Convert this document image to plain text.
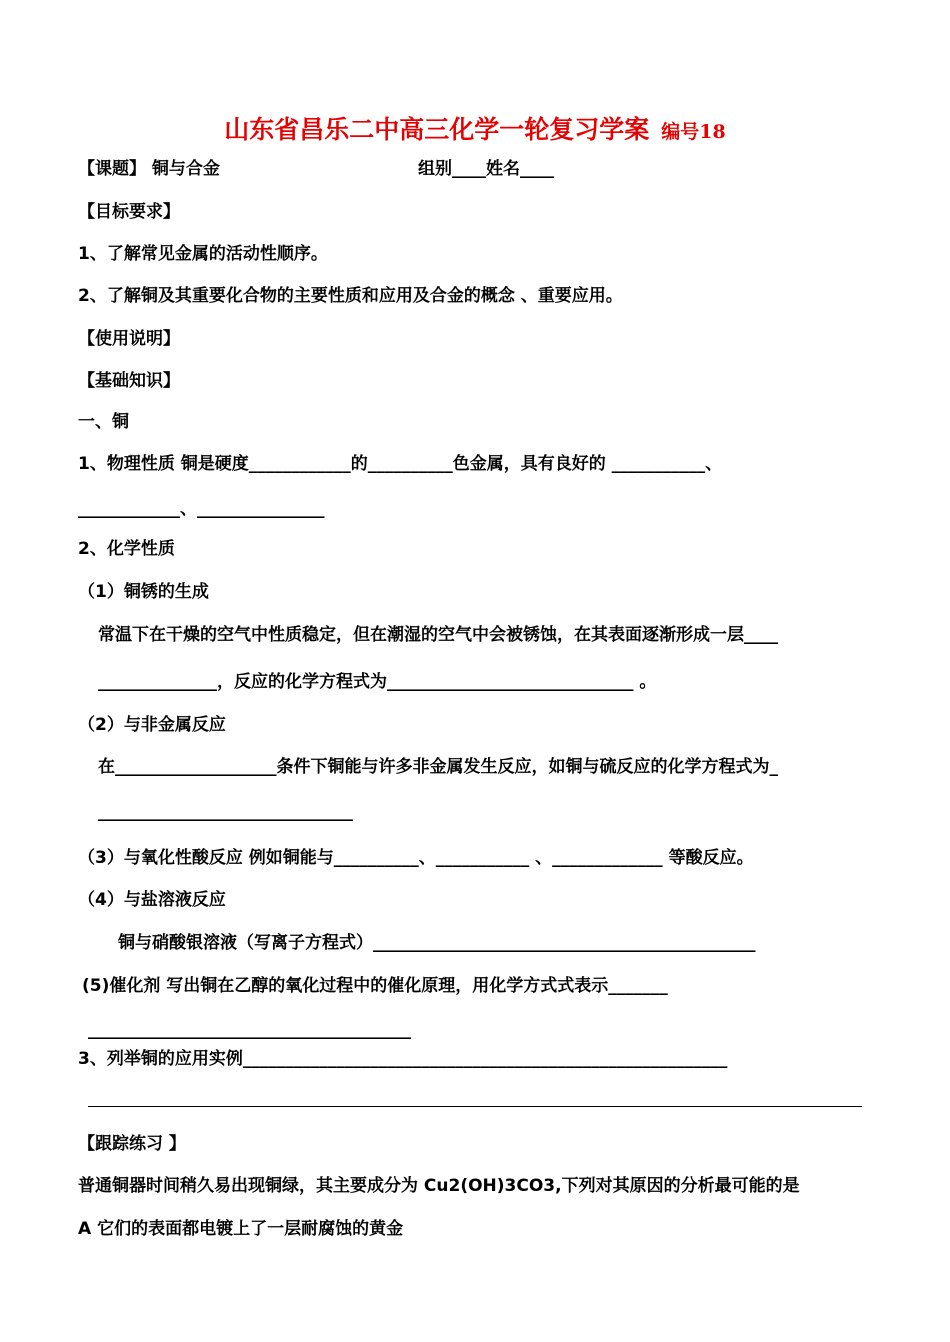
山东省昌乐二中高三化学一轮复习学案 编号18
【课题】 铜与合金	组别____姓名____
【目标要求】
1、了解常见金属的活动性顺序。
2、了解铜及其重要化合物的主要性质和应用及合金的概念 、重要应用。
【使用说明】
【基础知识】
一、铜
1、物理性质 铜是硬度____________的__________色金属，具有良好的 ___________、
____________、_______________
2、化学性质
（1）铜锈的生成
常温下在干燥的空气中性质稳定，但在潮湿的空气中会被锈蚀，在其表面逐渐形成一层____
______________，反应的化学方程式为_____________________________ 。
（2）与非金属反应
在___________________条件下铜能与许多非金属发生反应，如铜与硫反应的化学方程式为_
______________________________
（3）与氧化性酸反应 例如铜能与__________、___________ 、_____________ 等酸反应。
（4）与盐溶液反应
铜与硝酸银溶液（写离子方程式）_____________________________________________
(5)催化剂 写出铜在乙醇的氧化过程中的催化原理，用化学方式式表示_______
______________________________________
3、列举铜的应用实例_________________________________________________________
【跟踪练习 】
普通铜器时间稍久易出现铜绿，其主要成分为 Cu2(OH)3CO3,下列对其原因的分析最可能的是
A 它们的表面都电镀上了一层耐腐蚀的黄金
